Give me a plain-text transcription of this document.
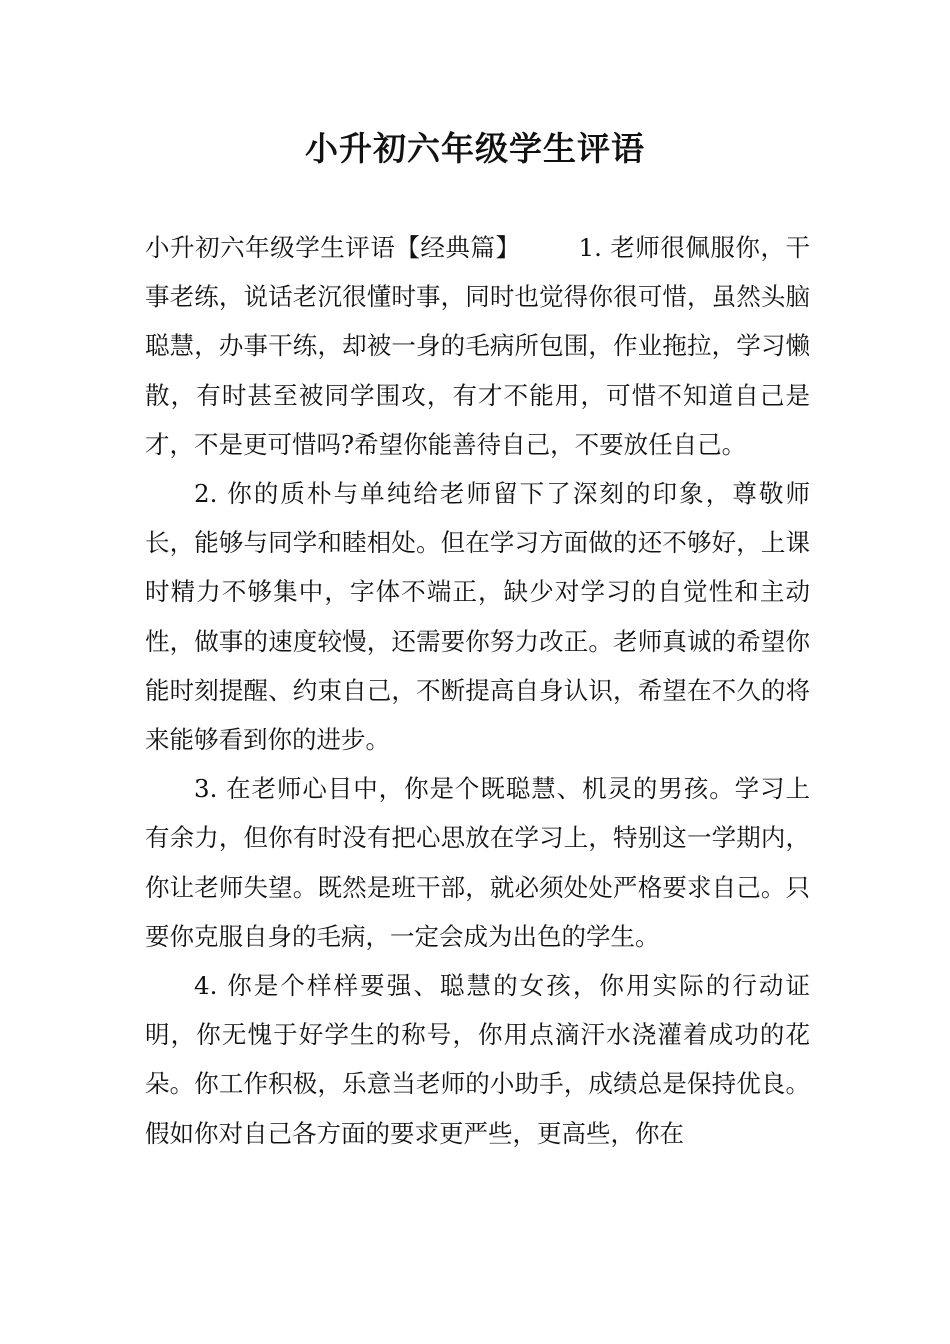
小升初六年级学生评语

小升初六年级学生评语【经典篇】 1. 老师很佩服你，干事老练，说话老沉很懂时事，同时也觉得你很可惜，虽然头脑聪慧，办事干练，却被一身的毛病所包围，作业拖拉，学习懒散，有时甚至被同学围攻，有才不能用，可惜不知道自己是才，不是更可惜吗?希望你能善待自己，不要放任自己。

2. 你的质朴与单纯给老师留下了深刻的印象，尊敬师长，能够与同学和睦相处。但在学习方面做的还不够好，上课时精力不够集中，字体不端正，缺少对学习的自觉性和主动性，做事的速度较慢，还需要你努力改正。老师真诚的希望你能时刻提醒、约束自己，不断提高自身认识，希望在不久的将来能够看到你的进步。

3. 在老师心目中，你是个既聪慧、机灵的男孩。学习上有余力，但你有时没有把心思放在学习上，特别这一学期内，你让老师失望。既然是班干部，就必须处处严格要求自己。只要你克服自身的毛病，一定会成为出色的学生。

4. 你是个样样要强、聪慧的女孩，你用实际的行动证明，你无愧于好学生的称号，你用点滴汗水浇灌着成功的花朵。你工作积极，乐意当老师的小助手，成绩总是保持优良。假如你对自己各方面的要求更严些，更高些，你在
